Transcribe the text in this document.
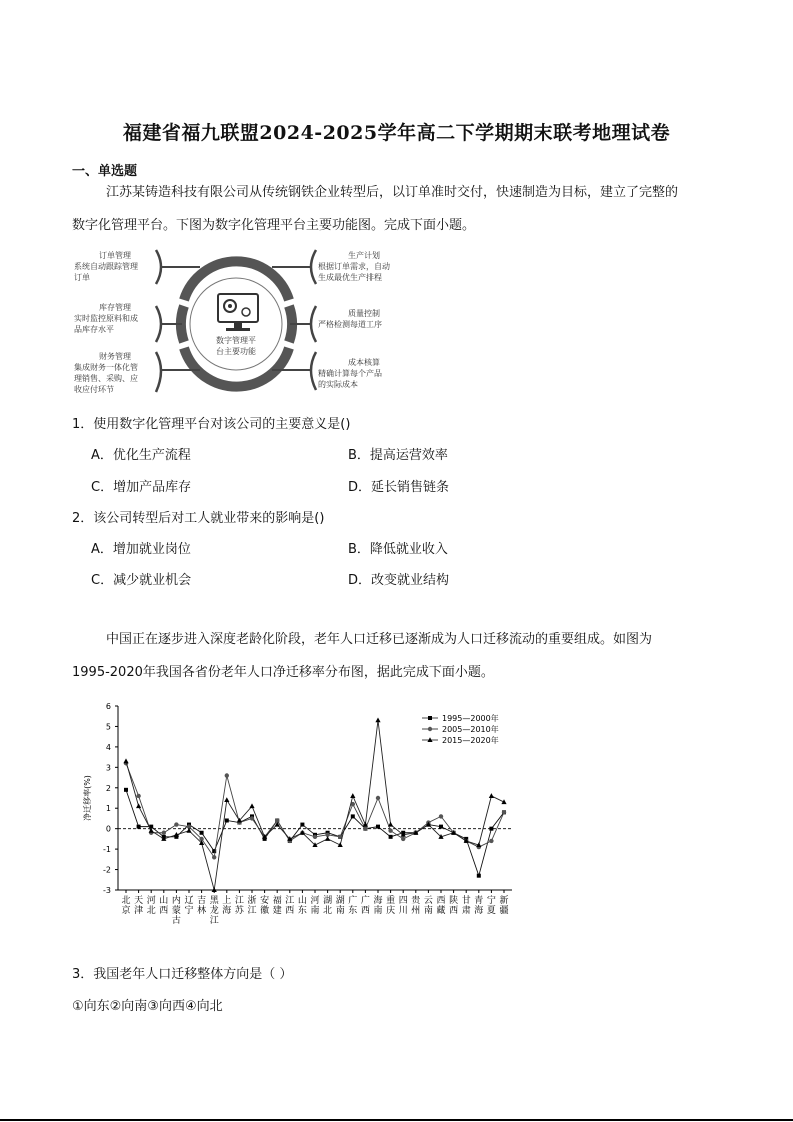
福建省福九联盟2024-2025学年高二下学期期末联考地理试卷
一、单选题
江苏某铸造科技有限公司从传统钢铁企业转型后，以订单准时交付，快速制造为目标，建立了完整的
数字化管理平台。下图为数字化管理平台主要功能图。完成下面小题。
数字管理平
台主要功能
订单管理
系统自动跟踪管理
订单
库存管理
实时监控原料和成
品库存水平
财务管理
集成财务一体化管
理销售、采购、应
收应付环节
生产计划
根据订单需求，自动
生成最优生产排程
质量控制
严格检测每道工序
成本核算
精确计算每个产品
的实际成本
1．使用数字化管理平台对该公司的主要意义是()
A．优化生产流程	B．提高运营效率
C．增加产品库存	D．延长销售链条
2．该公司转型后对工人就业带来的影响是()
A．增加就业岗位	B．降低就业收入
C．减少就业机会	D．改变就业结构
中国正在逐步进入深度老龄化阶段，老年人口迁移已逐渐成为人口迁移流动的重要组成。如图为
1995-2020年我国各省份老年人口净迁移率分布图，据此完成下面小题。
-3
-2
-1
0
1
2
3
4
5
6
净迁移率(%)
北
京
天
津
河
北
山
西
内
蒙
古
辽
宁
吉
林
黑
龙
江
上
海
江
苏
浙
江
安
徽
福
建
江
西
山
东
河
南
湖
北
湖
南
广
东
广
西
海
南
重
庆
四
川
贵
州
云
南
西
藏
陕
西
甘
肃
青
海
宁
夏
新
疆
1995—2000年
2005—2010年
2015—2020年
3．我国老年人口迁移整体方向是（ ）
①向东②向南③向西④向北
